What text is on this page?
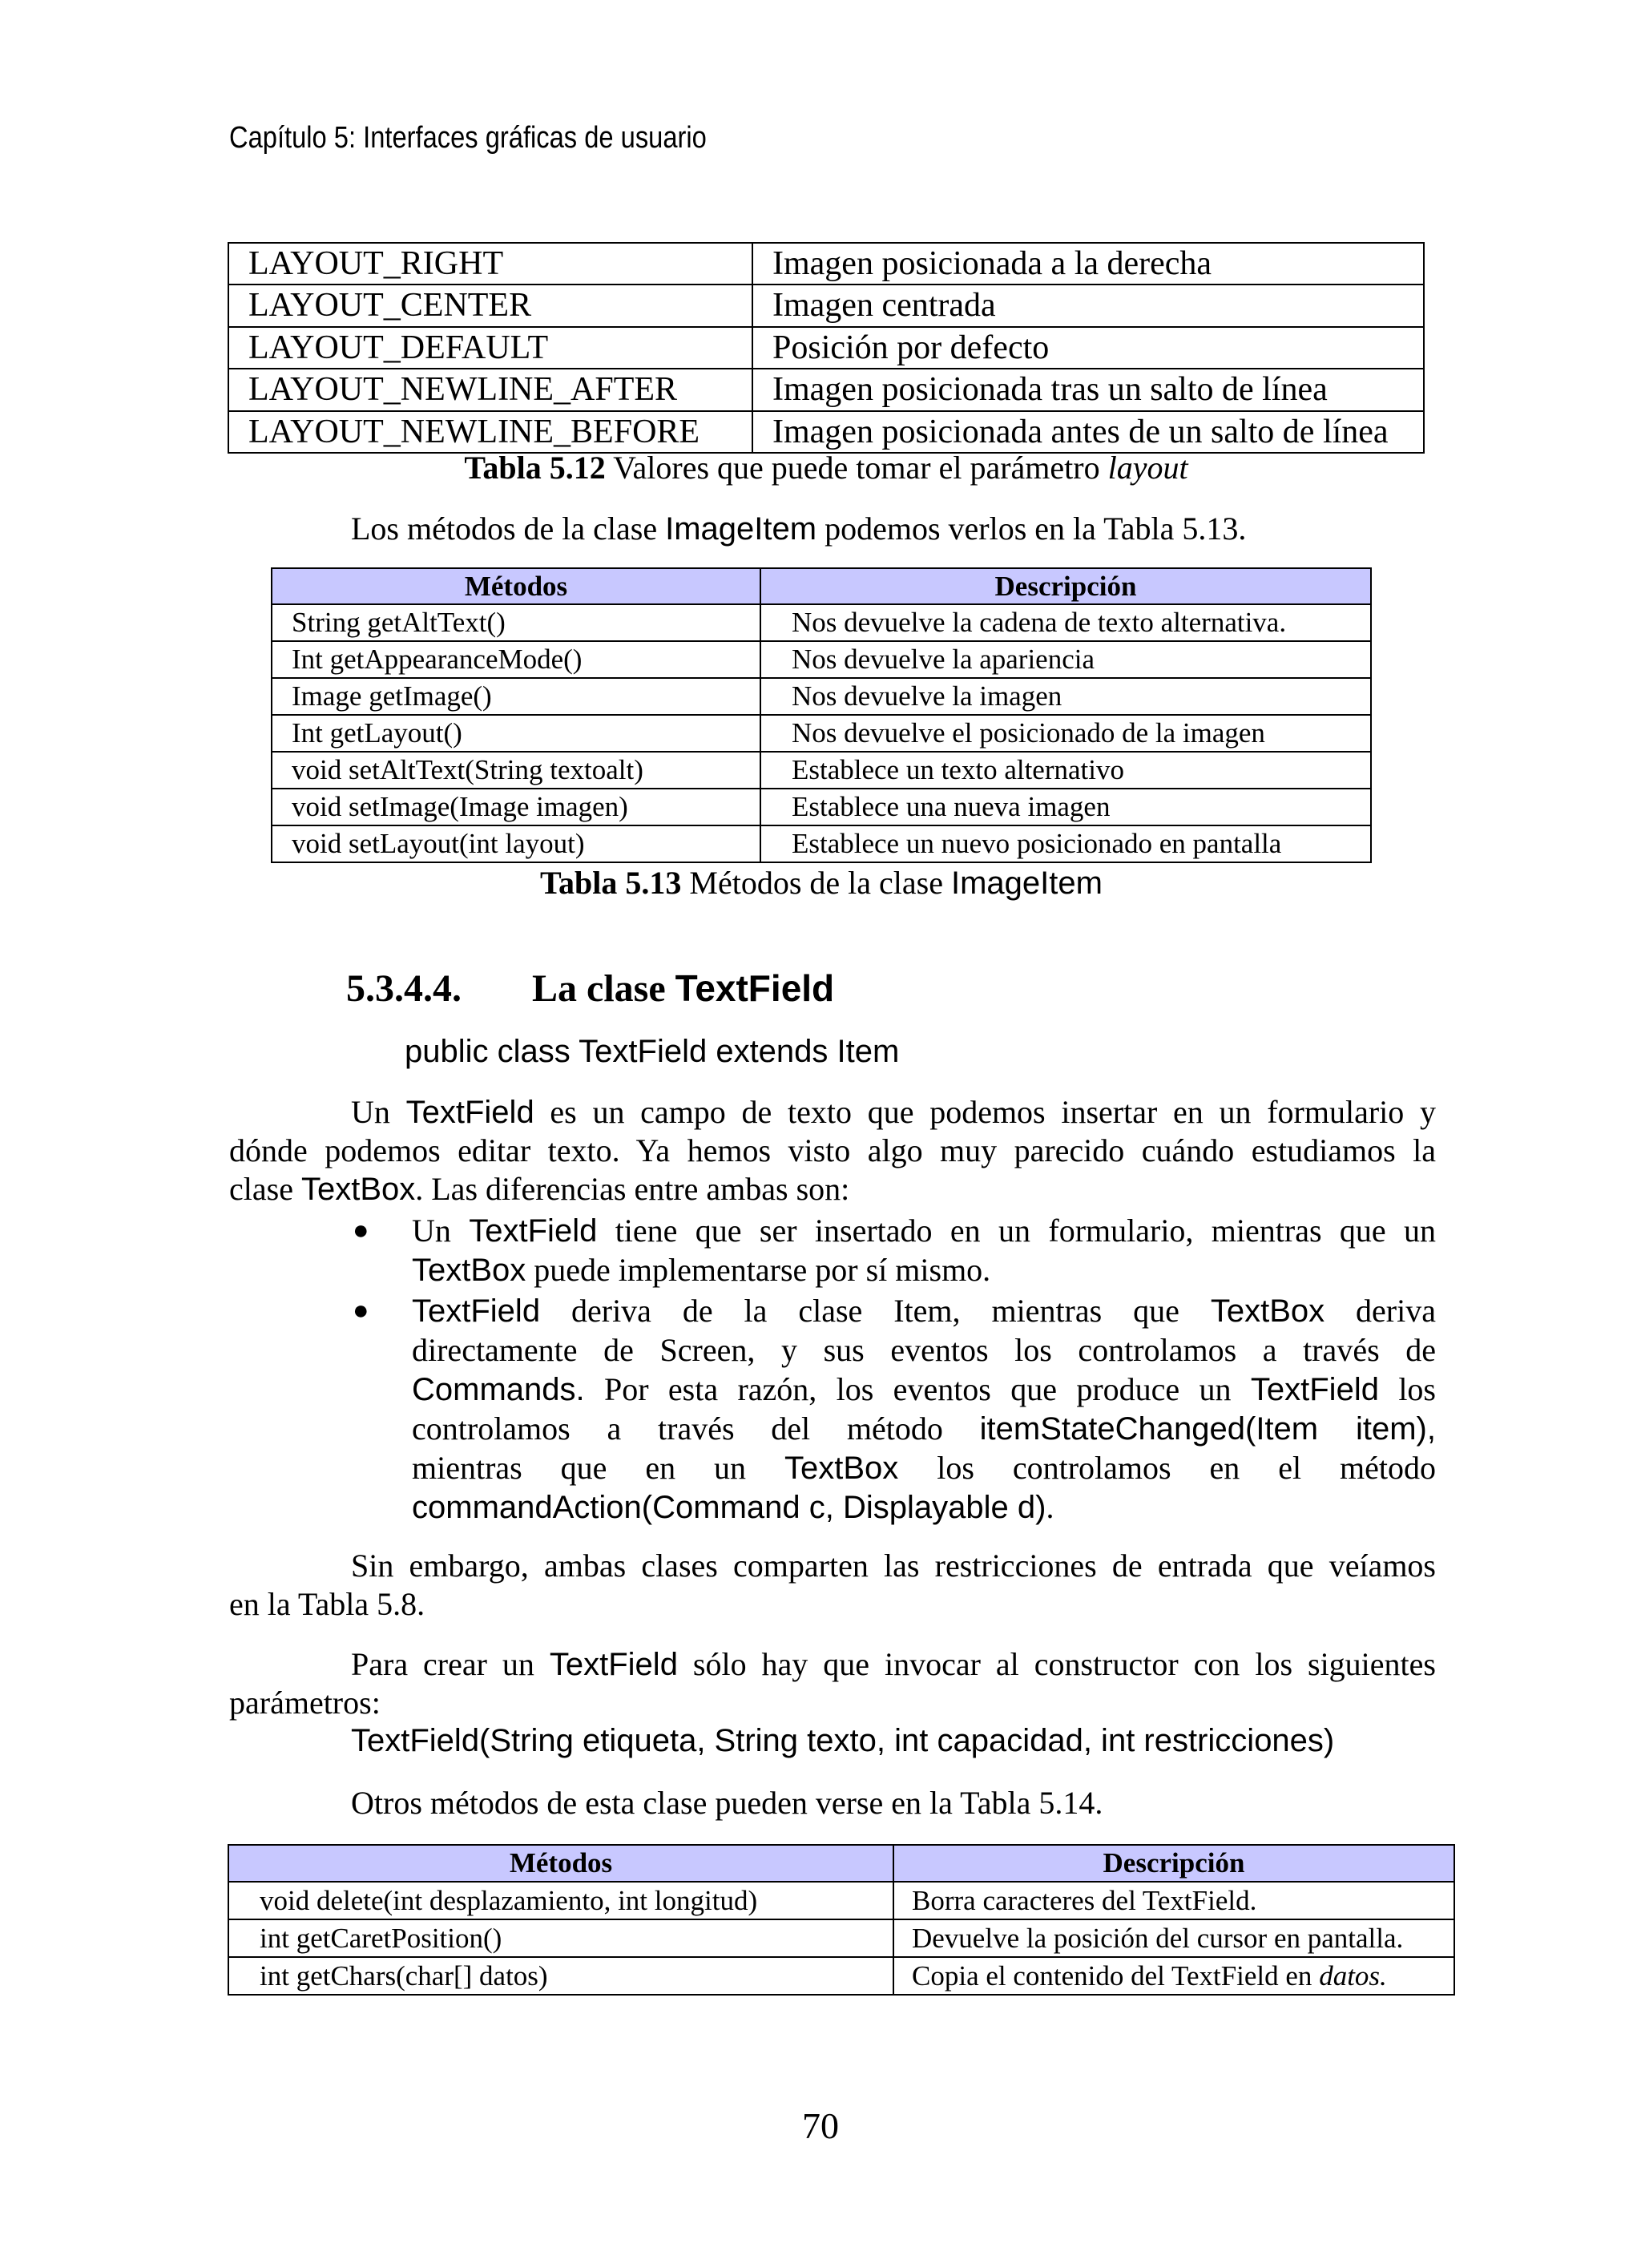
Capítulo 5: Interfaces gráficas de usuario
LAYOUT_RIGHT	Imagen posicionada a la derecha
LAYOUT_CENTER	Imagen centrada
LAYOUT_DEFAULT	Posición por defecto
LAYOUT_NEWLINE_AFTER	Imagen posicionada tras un salto de línea
LAYOUT_NEWLINE_BEFORE	Imagen posicionada antes de un salto de línea
Tabla 5.12 Valores que puede tomar el parámetro layout
Los métodos de la clase ImageItem podemos verlos en la Tabla 5.13.
Métodos	Descripción
String getAltText()	Nos devuelve la cadena de texto alternativa.
Int getAppearanceMode()	Nos devuelve la apariencia
Image getImage()	Nos devuelve la imagen
Int getLayout()	Nos devuelve el posicionado de la imagen
void setAltText(String textoalt)	Establece un texto alternativo
void setImage(Image imagen)	Establece una nueva imagen
void setLayout(int layout)	Establece un nuevo posicionado en pantalla
Tabla 5.13 Métodos de la clase ImageItem
5.3.4.4. La clase TextField
public class TextField extends Item
Un TextField es un campo de texto que podemos insertar en un formulario y
dónde podemos editar texto. Ya hemos visto algo muy parecido cuándo estudiamos la
clase TextBox. Las diferencias entre ambas son:
● Un TextField tiene que ser insertado en un formulario, mientras que un
TextBox puede implementarse por sí mismo.
● TextField deriva de la clase Item, mientras que TextBox deriva
directamente de Screen, y sus eventos los controlamos a través de
Commands. Por esta razón, los eventos que produce un TextField los
controlamos a través del método itemStateChanged(Item item),
mientras que en un TextBox los controlamos en el método
commandAction(Command c, Displayable d).
Sin embargo, ambas clases comparten las restricciones de entrada que veíamos
en la Tabla 5.8.
Para crear un TextField sólo hay que invocar al constructor con los siguientes
parámetros:
TextField(String etiqueta, String texto, int capacidad, int restricciones)
Otros métodos de esta clase pueden verse en la Tabla 5.14.
Métodos	Descripción
void delete(int desplazamiento, int longitud)	Borra caracteres del TextField.
int getCaretPosition()	Devuelve la posición del cursor en pantalla.
int getChars(char[] datos)	Copia el contenido del TextField en datos.
70
